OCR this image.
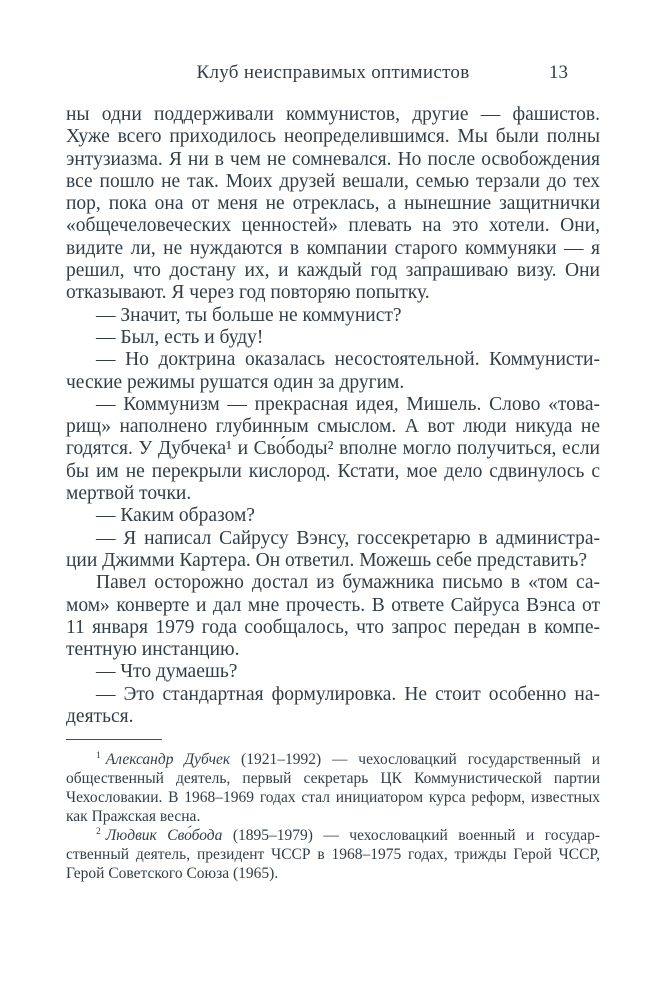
Клуб неисправимых оптимистов	13

ны одни поддерживали коммунистов, другие — фашистов. Хуже всего приходилось неопределившимся. Мы были полны энтузиазма. Я ни в чем не сомневался. Но после освобождения все пошло не так. Моих друзей вешали, семью терзали до тех пор, пока она от меня не отреклась, а нынешние защитнички «общечеловеческих ценностей» плевать на это хотели. Они, видите ли, не нуждаются в компании старого коммуняки — я решил, что достану их, и каждый год запрашиваю визу. Они отказывают. Я через год повторяю попытку.

— Значит, ты больше не коммунист?

— Был, есть и буду!

— Но доктрина оказалась несостоятельной. Коммунистические режимы рушатся один за другим.

— Коммунизм — прекрасная идея, Мишель. Слово «товарищ» наполнено глубинным смыслом. А вот люди никуда не годятся. У Дубчека¹ и Сво́боды² вполне могло получиться, если бы им не перекрыли кислород. Кстати, мое дело сдвинулось с мертвой точки.

— Каким образом?

— Я написал Сайрусу Вэнсу, госсекретарю в администрации Джимми Картера. Он ответил. Можешь себе представить?

Павел осторожно достал из бумажника письмо в «том самом» конверте и дал мне прочесть. В ответе Сайруса Вэнса от 11 января 1979 года сообщалось, что запрос передан в компетентную инстанцию.

— Что думаешь?

— Это стандартная формулировка. Не стоит особенно надеяться.

$^1$ Александр Дубчек (1921–1992) — чехословацкий государственный и общественный деятель, первый секретарь ЦК Коммунистической партии Чехословакии. В 1968–1969 годах стал инициатором курса реформ, известных как Пражская весна.

$^2$ Людвик Сво́бода (1895–1979) — чехословацкий военный и государственный деятель, президент ЧССР в 1968–1975 годах, трижды Герой ЧССР, Герой Советского Союза (1965).
